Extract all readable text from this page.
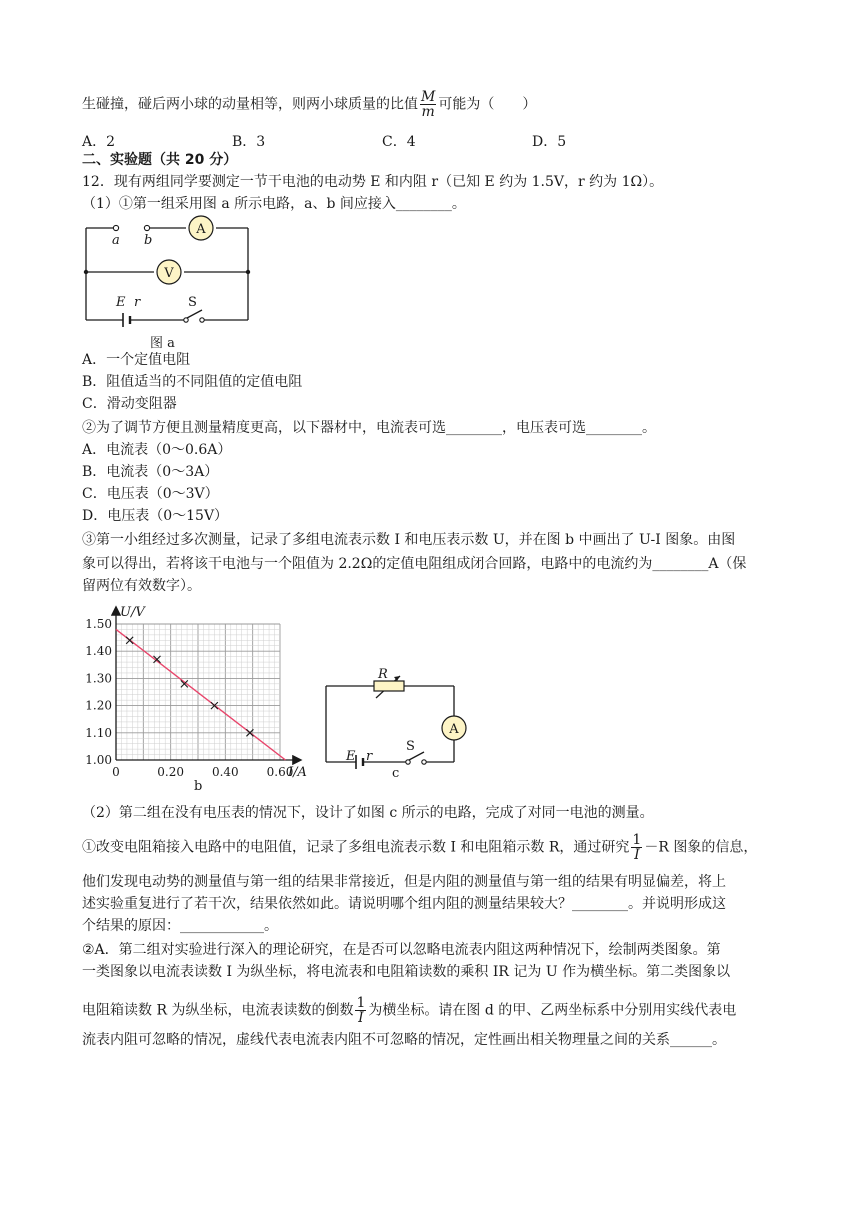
生碰撞，碰后两小球的动量相等，则两小球质量的比值 $\frac{M}{m}$ 可能为（　　）
A．2	B．3	C．4	D．5
二、实验题（共 20 分）
12．现有两组同学要测定一节干电池的电动势 E 和内阻 r（已知 E 约为 1.5V，r 约为 1Ω）。
（1）①第一组采用图 a 所示电路，a、b 间应接入________。
A
V
a b
E r	S
图 a
A．一个定值电阻
B．阻值适当的不同阻值的定值电阻
C．滑动变阻器
②为了调节方便且测量精度更高，以下器材中，电流表可选________，电压表可选________。
A．电流表（0～0.6A）
B．电流表（0～3A）
C．电压表（0～3V）
D．电压表（0～15V）
③第一小组经过多次测量，记录了多组电流表示数 I 和电压表示数 U，并在图 b 中画出了 U-I 图象。由图
象可以得出，若将该干电池与一个阻值为 2.2Ω的定值电阻组成闭合回路，电路中的电流约为________A（保
留两位有效数字）。
1.50
1.40
1.30
1.20
1.10
1.00
0	0.20 0.40 0.60
U/V
I/A
b
A
R
E r
S
c
（2）第二组在没有电压表的情况下，设计了如图 c 所示的电路，完成了对同一电池的测量。
①改变电阻箱接入电路中的电阻值，记录了多组电流表示数 I 和电阻箱示数 R，通过研究 $\frac{1}{I} -R$ 图象的信息，
他们发现电动势的测量值与第一组的结果非常接近，但是内阻的测量值与第一组的结果有明显偏差，将上
述实验重复进行了若干次，结果依然如此。请说明哪个组内阻的测量结果较大？________。并说明形成这
个结果的原因：____________。
②A．第二组对实验进行深入的理论研究，在是否可以忽略电流表内阻这两种情况下，绘制两类图象。第
一类图象以电流表读数 I 为纵坐标，将电流表和电阻箱读数的乘积 IR 记为 U 作为横坐标。第二类图象以
电阻箱读数 R 为纵坐标，电流表读数的倒数 $\frac{1}{I}$ 为横坐标。请在图 d 的甲、乙两坐标系中分别用实线代表电
流表内阻可忽略的情况，虚线代表电流表内阻不可忽略的情况，定性画出相关物理量之间的关系______。
